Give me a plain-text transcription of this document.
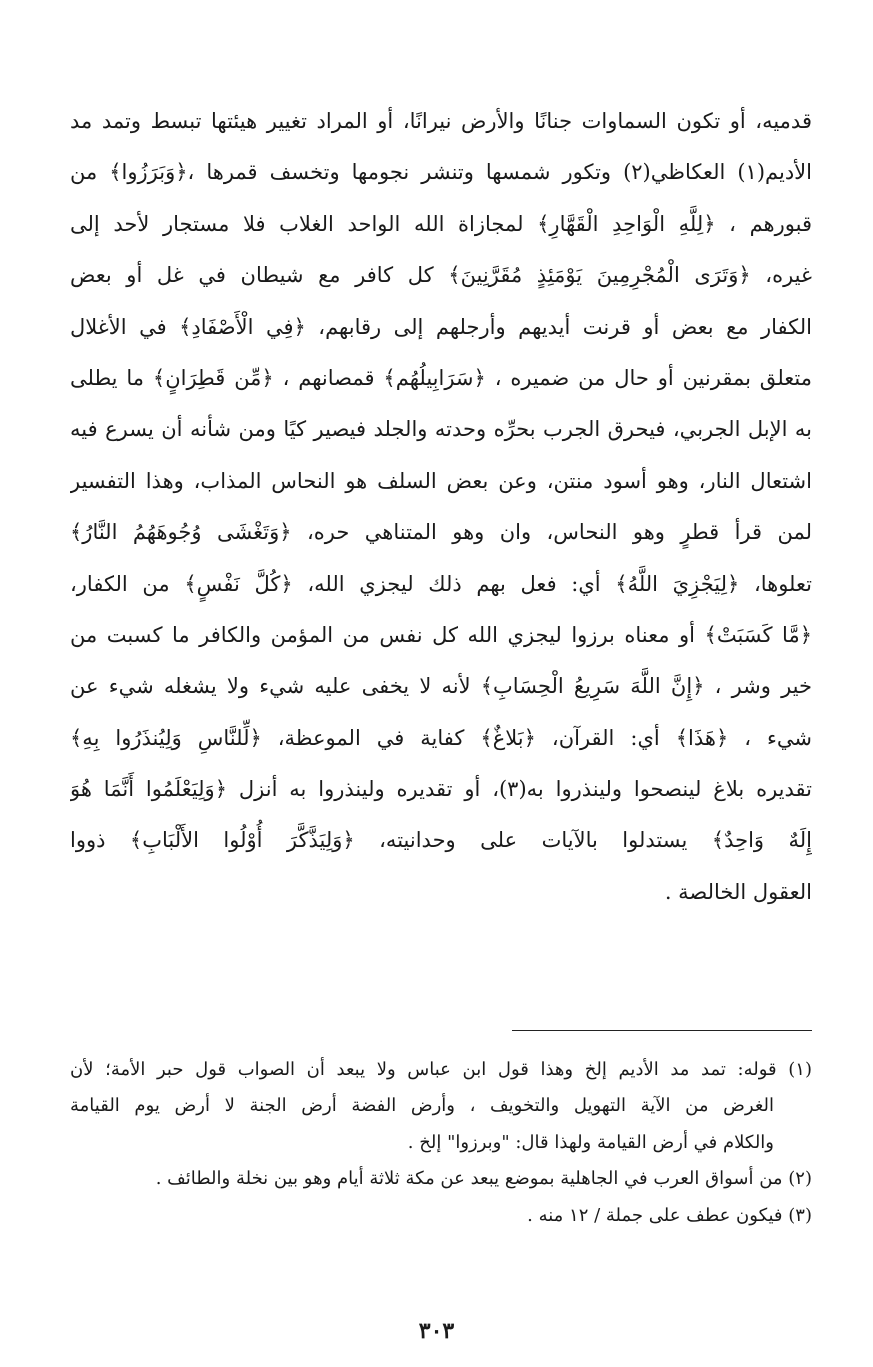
قدميه، أو تكون السماوات جنانًا والأرض نيرانًا، أو المراد تغيير هيئتها تبسط وتمد مد
الأديم(١) العكاظي(٢) وتكور شمسها وتنشر نجومها وتخسف قمرها ،﴿وَبَرَزُوا﴾ من
قبورهم ، ﴿لِلَّهِ الْوَاحِدِ الْقَهَّارِ﴾ لمجازاة الله الواحد الغلاب فلا مستجار لأحد إلى
غيره، ﴿وَتَرَى الْمُجْرِمِينَ يَوْمَئِذٍ مُقَرَّنِينَ﴾ كل كافر مع شيطان في غل أو بعض
الكفار مع بعض أو قرنت أيديهم وأرجلهم إلى رقابهم، ﴿فِي الْأَصْفَادِ﴾ في الأغلال
متعلق بمقرنين أو حال من ضميره ، ﴿سَرَابِيلُهُم﴾ قمصانهم ، ﴿مِّن قَطِرَانٍ﴾ ما يطلى
به الإبل الجربي، فيحرق الجرب بحرِّه وحدته والجلد فيصير كيًا ومن شأنه أن يسرع فيه
اشتعال النار، وهو أسود منتن، وعن بعض السلف هو النحاس المذاب، وهذا التفسير
لمن قرأ قطرٍ وهو النحاس، وان وهو المتناهي حره، ﴿وَتَغْشَى وُجُوهَهُمُ النَّارُ﴾
تعلوها، ﴿لِيَجْزِيَ اللَّهُ﴾ أي: فعل بهم ذلك ليجزي الله، ﴿كُلَّ نَفْسٍ﴾ من الكفار،
﴿مَّا كَسَبَتْ﴾ أو معناه برزوا ليجزي الله كل نفس من المؤمن والكافر ما كسبت من
خير وشر ، ﴿إِنَّ اللَّهَ سَرِيعُ الْحِسَابِ﴾ لأنه لا يخفى عليه شيء ولا يشغله شيء عن
شيء ، ﴿هَذَا﴾ أي: القرآن، ﴿بَلاغٌ﴾ كفاية في الموعظة، ﴿لِّلنَّاسِ وَلِيُنذَرُوا بِهِ﴾
تقديره بلاغ لينصحوا ولينذروا به(٣)، أو تقديره ولينذروا به أنزل ﴿وَلِيَعْلَمُوا أَنَّمَا هُوَ
إِلَهٌ وَاحِدٌ﴾ يستدلوا بالآيات على وحدانيته، ﴿وَلِيَذَّكَّرَ أُوْلُوا الأَلْبَابِ﴾ ذووا
العقول الخالصة .
(١) قوله: تمد مد الأديم إلخ وهذا قول ابن عباس ولا يبعد أن الصواب قول حبر الأمة؛ لأن
الغرض من الآية التهويل والتخويف ، وأرض الفضة أرض الجنة لا أرض يوم القيامة
والكلام في أرض القيامة ولهذا قال: "وبرزوا" إلخ .
(٢) من أسواق العرب في الجاهلية بموضع يبعد عن مكة ثلاثة أيام وهو بين نخلة والطائف .
(٣) فيكون عطف على جملة / ١٢ منه .
٣٠٣
